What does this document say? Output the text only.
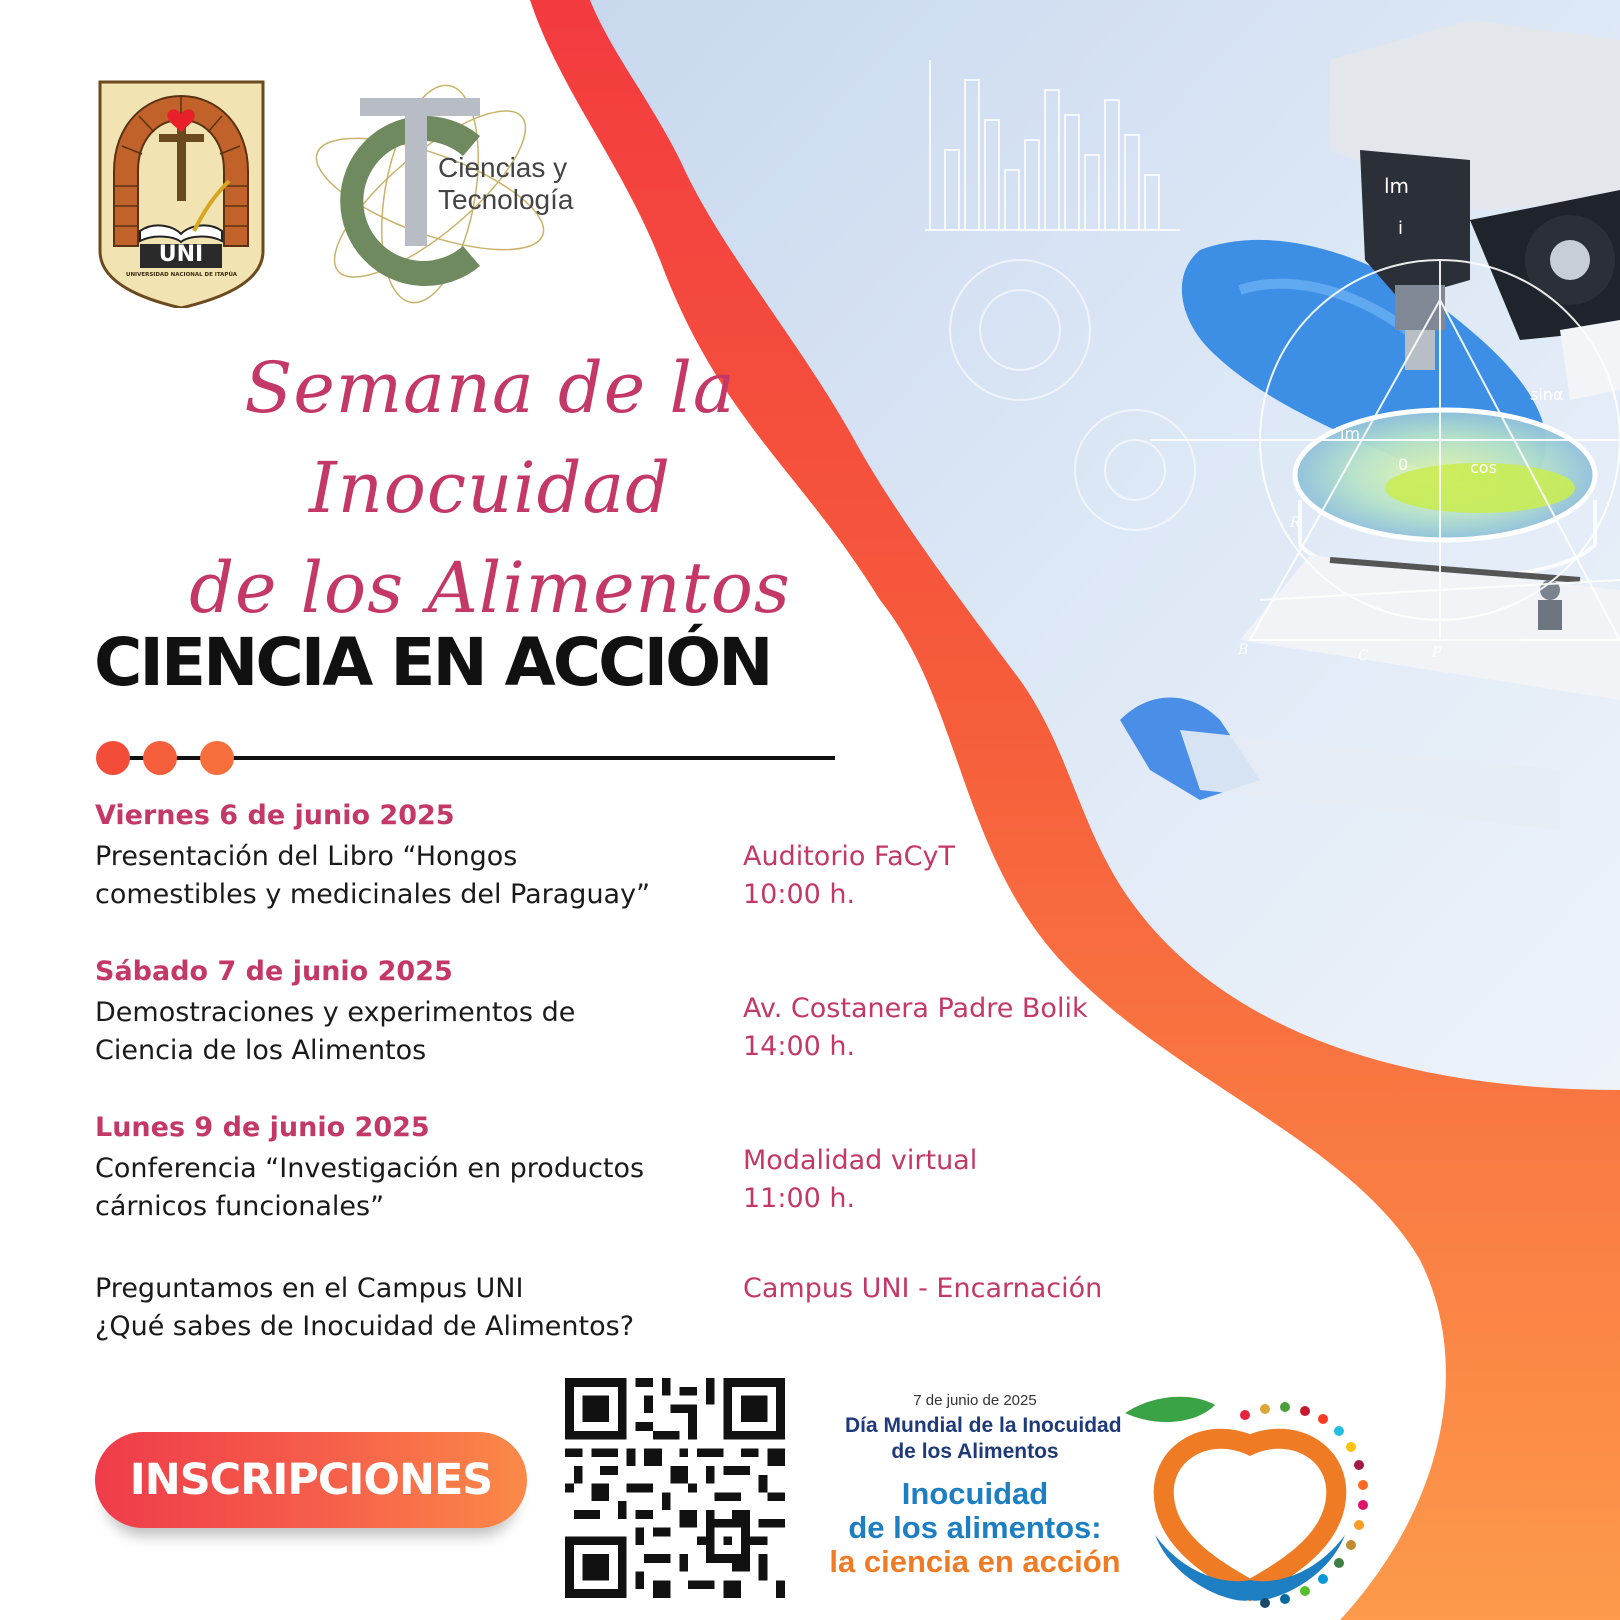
lm
i
sinα
cos
lm
0
R
B	C	P
UNI
UNIVERSIDAD NACIONAL DE ITAPÚA
Ciencias y
Tecnología
Semana de la Inocuidad
de los Alimentos
CIENCIA EN ACCIÓN
Viernes 6 de junio 2025
Presentación del Libro “Hongos
comestibles y medicinales del Paraguay”
Auditorio FaCyT
10:00 h.
Sábado 7 de junio 2025
Demostraciones y experimentos de
Ciencia de los Alimentos
Av. Costanera Padre Bolik
14:00 h.
Lunes 9 de junio 2025
Conferencia “Investigación en productos
cárnicos funcionales”
Modalidad virtual
11:00 h.
Preguntamos en el Campus UNI
¿Qué sabes de Inocuidad de Alimentos?
Campus UNI - Encarnación
INSCRIPCIONES
7 de junio de 2025
Día Mundial de la Inocuidad
de los Alimentos
Inocuidad
de los alimentos:
la ciencia en acción
